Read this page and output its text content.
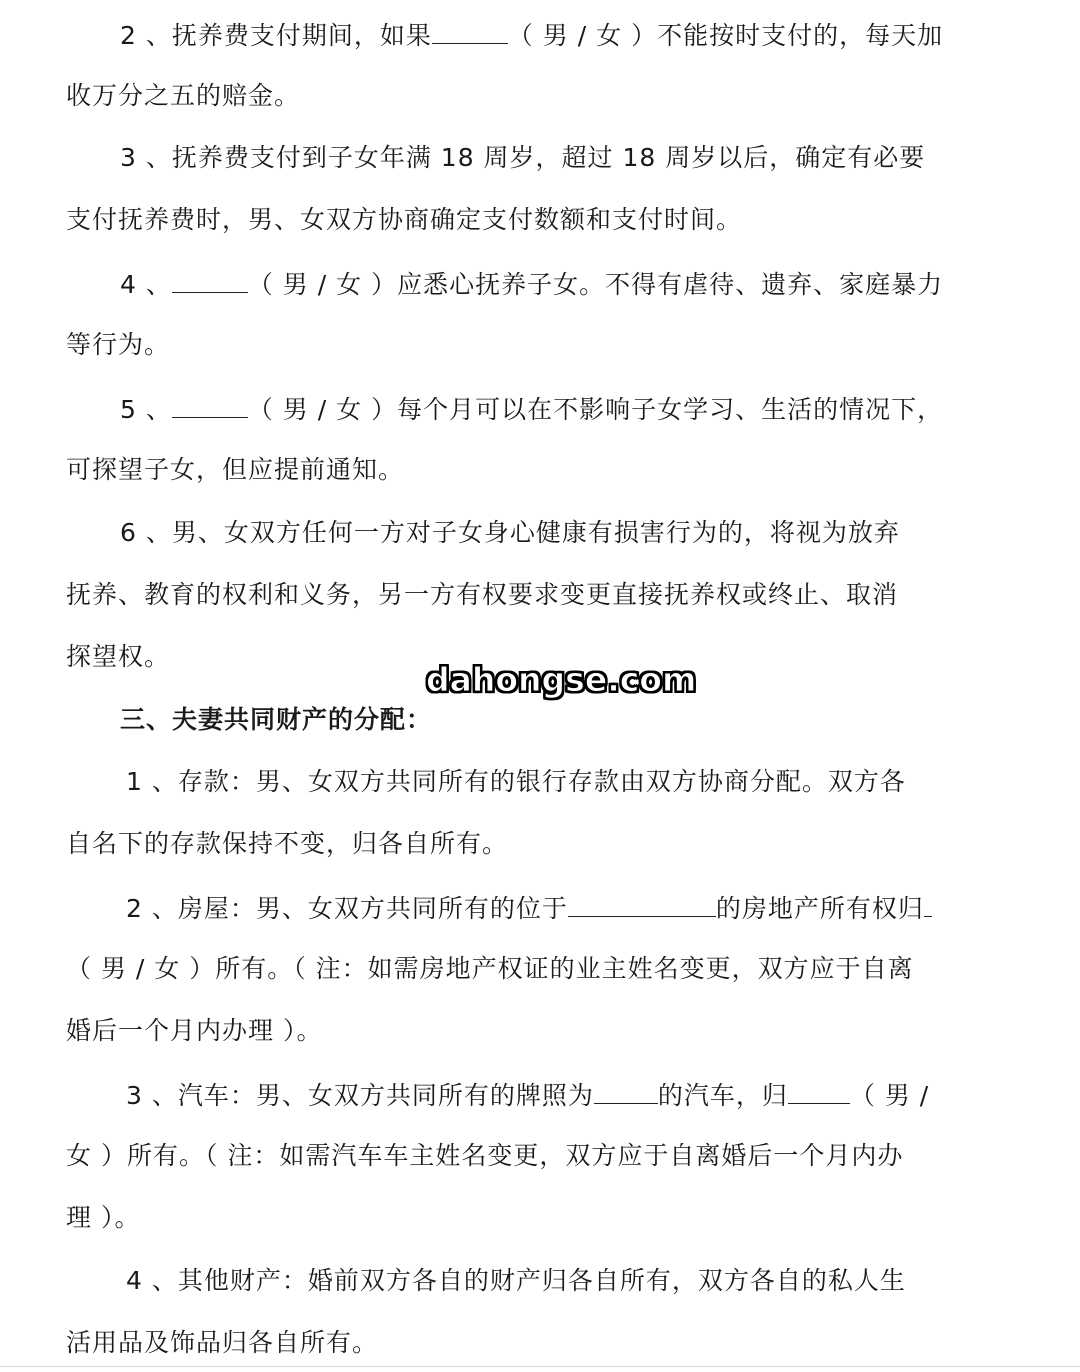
2 、抚养费支付期间，如果	（ 男 / 女 ）不能按时支付的，每天加
收万分之五的赔金。
3 、抚养费支付到子女年满 18 周岁，超过 18 周岁以后，确定有必要
支付抚养费时，男、女双方协商确定支付数额和支付时间。
4 、	（ 男 / 女 ）应悉心抚养子女。不得有虐待、遗弃、家庭暴力
等行为。
5 、	（ 男 / 女 ）每个月可以在不影响子女学习、生活的情况下，
可探望子女，但应提前通知。
6 、男、女双方任何一方对子女身心健康有损害行为的，将视为放弃
抚养、教育的权利和义务，另一方有权要求变更直接抚养权或终止、取消
探望权。
dahongse.com
三、夫妻共同财产的分配：
1 、存款：男、女双方共同所有的银行存款由双方协商分配。双方各
自名下的存款保持不变，归各自所有。
2 、房屋：男、女双方共同所有的位于	的房地产所有权归
（ 男 / 女 ）所有。（ 注：如需房地产权证的业主姓名变更，双方应于自离
婚后一个月内办理 ）。
3 、汽车：男、女双方共同所有的牌照为	的汽车，归 （ 男 /
女 ）所有。（ 注：如需汽车车主姓名变更，双方应于自离婚后一个月内办
理 ）。
4 、其他财产：婚前双方各自的财产归各自所有，双方各自的私人生
活用品及饰品归各自所有。
